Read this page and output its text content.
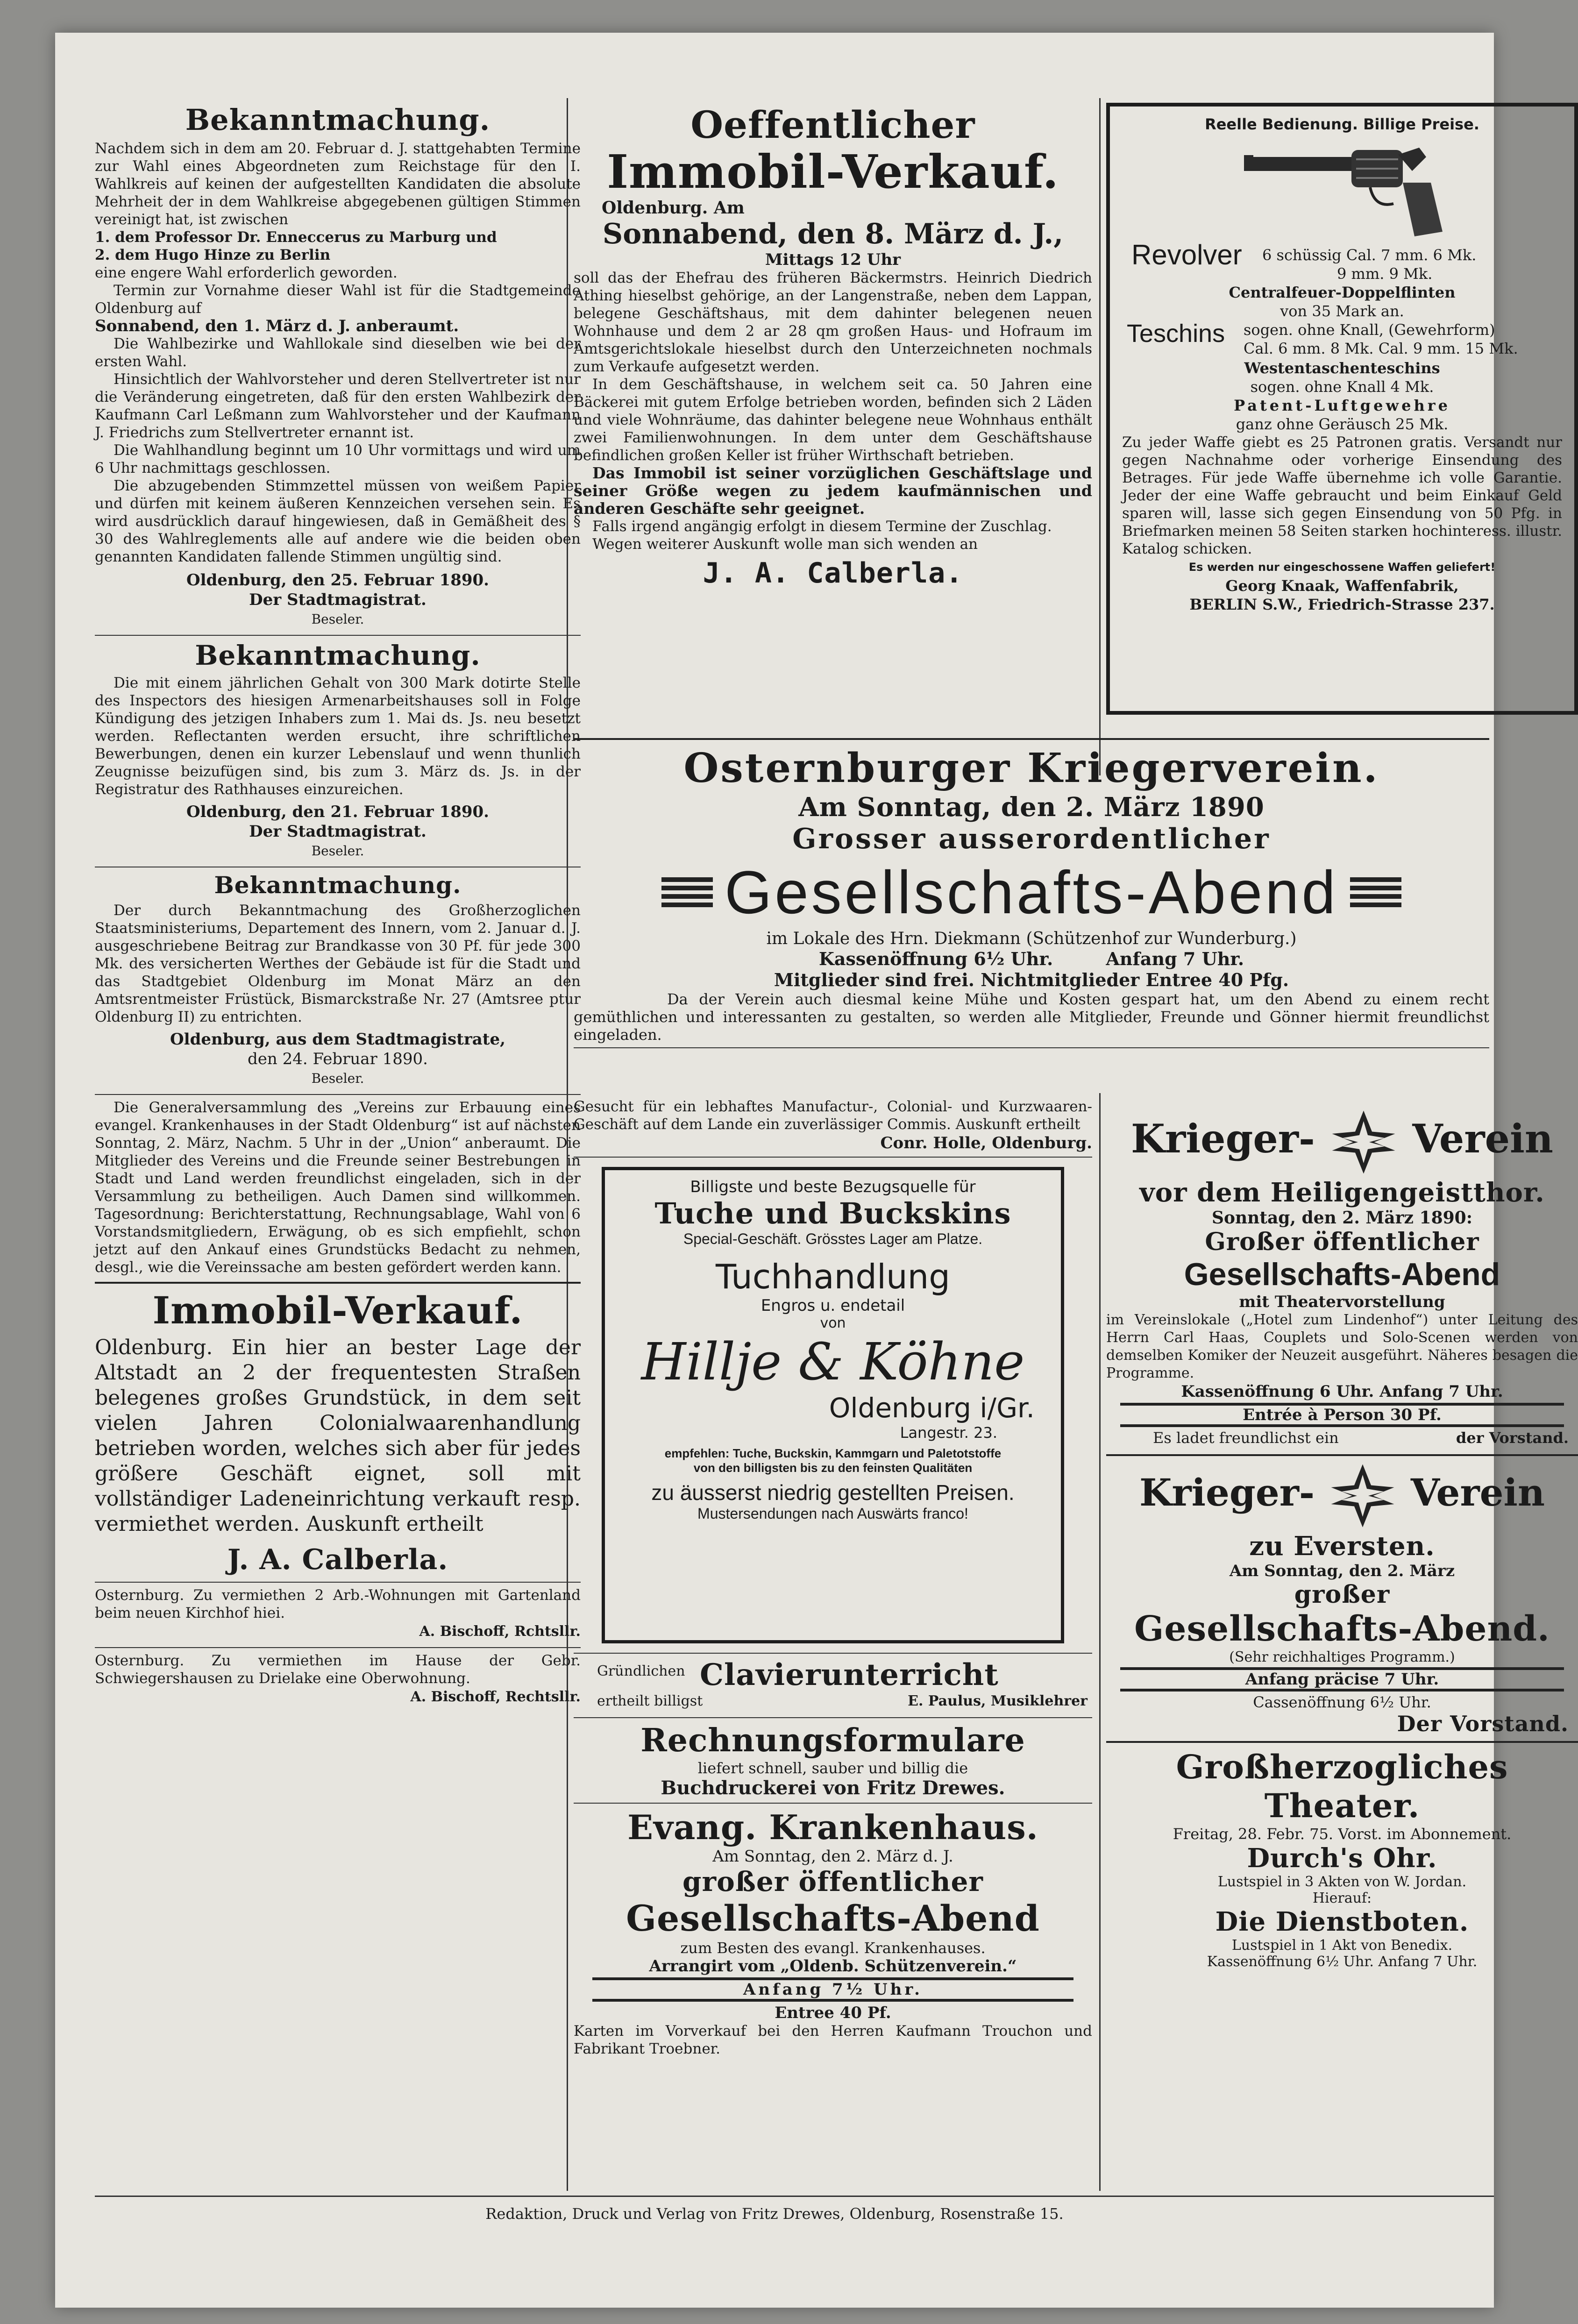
Bekanntmachung.

Nachdem sich in dem am 20. Februar d. J. stattgehabten Termine zur Wahl eines Abgeordneten zum Reichstage für den I. Wahlkreis auf keinen der aufgestellten Kandidaten die absolute Mehrheit der in dem Wahlkreise abgegebenen gültigen Stimmen vereinigt hat, ist zwischen

1. dem Professor Dr. Enneccerus zu Marburg und

2. dem Hugo Hinze zu Berlin

eine engere Wahl erforderlich geworden.

Termin zur Vornahme dieser Wahl ist für die Stadtgemeinde Oldenburg auf

Sonnabend, den 1. März d. J. anberaumt.

Die Wahlbezirke und Wahllokale sind dieselben wie bei der ersten Wahl.

Hinsichtlich der Wahlvorsteher und deren Stellvertreter ist nur die Veränderung eingetreten, daß für den ersten Wahlbezirk der Kaufmann Carl Leßmann zum Wahlvorsteher und der Kaufmann J. Friedrichs zum Stellvertreter ernannt ist.

Die Wahlhandlung beginnt um 10 Uhr vormittags und wird um 6 Uhr nachmittags geschlossen.

Die abzugebenden Stimmzettel müssen von weißem Papier und dürfen mit keinem äußeren Kennzeichen versehen sein. Es wird ausdrücklich darauf hingewiesen, daß in Gemäßheit des § 30 des Wahlreglements alle auf andere wie die beiden oben genannten Kandidaten fallende Stimmen ungültig sind.

Oldenburg, den 25. Februar 1890.
Der Stadtmagistrat.
Beseler.
Bekanntmachung.

Die mit einem jährlichen Gehalt von 300 Mark dotirte Stelle des Inspectors des hiesigen Armenarbeitshauses soll in Folge Kündigung des jetzigen Inhabers zum 1. Mai ds. Js. neu besetzt werden. Reflectanten werden ersucht, ihre schriftlichen Bewerbungen, denen ein kurzer Lebenslauf und wenn thunlich Zeugnisse beizufügen sind, bis zum 3. März ds. Js. in der Registratur des Rathhauses einzureichen.

Oldenburg, den 21. Februar 1890.
Der Stadtmagistrat.
Beseler.
Bekanntmachung.

Der durch Bekanntmachung des Großherzoglichen Staatsministeriums, Departement des Innern, vom 2. Januar d. J. ausgeschriebene Beitrag zur Brandkasse von 30 Pf. für jede 300 Mk. des versicherten Werthes der Gebäude ist für die Stadt und das Stadtgebiet Oldenburg im Monat März an den Amtsrentmeister Früstück, Bismarckstraße Nr. 27 (Amtsree ptur Oldenburg II) zu entrichten.

Oldenburg, aus dem Stadtmagistrate,
den 24. Februar 1890.
Beseler.

Die Generalversammlung des „Vereins zur Erbauung eines evangel. Krankenhauses in der Stadt Oldenburg“ ist auf nächsten Sonntag, 2. März, Nachm. 5 Uhr in der „Union“ anberaumt. Die Mitglieder des Vereins und die Freunde seiner Bestrebungen in Stadt und Land werden freundlichst eingeladen, sich in der Versammlung zu betheiligen. Auch Damen sind willkommen. Tagesordnung: Berichterstattung, Rechnungsablage, Wahl von 6 Vorstandsmitgliedern, Erwägung, ob es sich empfiehlt, schon jetzt auf den Ankauf eines Grundstücks Bedacht zu nehmen, desgl., wie die Vereinssache am besten gefördert werden kann.

Immobil-Verkauf.

Oldenburg. Ein hier an bester Lage der Altstadt an 2 der frequentesten Straßen belegenes großes Grundstück, in dem seit vielen Jahren Colonialwaarenhandlung betrieben worden, welches sich aber für jedes größere Geschäft eignet, soll mit vollständiger Ladeneinrichtung verkauft resp. vermiethet werden. Auskunft ertheilt

J. A. Calberla.

Osternburg. Zu vermiethen 2 Arb.-Wohnungen mit Gartenland beim neuen Kirchhof hiei.

A. Bischoff, Rchtsllr.

Osternburg. Zu vermiethen im Hause der Gebr. Schwiegershausen zu Drielake eine Oberwohnung.

A. Bischoff, Rechtsllr.
Oeffentlicher
Immobil-Verkauf.
Oldenburg. Am
Sonnabend, den 8. März d. J.,
Mittags 12 Uhr

soll das der Ehefrau des früheren Bäckermstrs. Heinrich Diedrich Athing hieselbst gehörige, an der Langenstraße, neben dem Lappan, belegene Geschäftshaus, mit dem dahinter belegenen neuen Wohnhause und dem 2 ar 28 qm großen Haus- und Hofraum im Amtsgerichtslokale hieselbst durch den Unterzeichneten nochmals zum Verkaufe aufgesetzt werden.

In dem Geschäftshause, in welchem seit ca. 50 Jahren eine Bäckerei mit gutem Erfolge betrieben worden, befinden sich 2 Läden und viele Wohnräume, das dahinter belegene neue Wohnhaus enthält zwei Familienwohnungen. In dem unter dem Geschäftshause befindlichen großen Keller ist früher Wirthschaft betrieben.

Das Immobil ist seiner vorzüglichen Geschäftslage und seiner Größe wegen zu jedem kaufmännischen und anderen Geschäfte sehr geeignet.

Falls irgend angängig erfolgt in diesem Termine der Zuschlag.

Wegen weiterer Auskunft wolle man sich wenden an

J. A. Calberla.
Reelle Bedienung. Billige Preise.
Revolver 6 schüssig Cal. 7 mm. 6 Mk.
9 mm. 9 Mk.
Centralfeuer-Doppelflinten
von 35 Mark an.
Teschins sogen. ohne Knall, (Gewehrform)
Cal. 6 mm. 8 Mk. Cal. 9 mm. 15 Mk.
Westentaschenteschins
sogen. ohne Knall 4 Mk.
Patent-Luftgewehre
ganz ohne Geräusch 25 Mk.

Zu jeder Waffe giebt es 25 Patronen gratis. Versandt nur gegen Nachnahme oder vorherige Einsendung des Betrages. Für jede Waffe übernehme ich volle Garantie. Jeder der eine Waffe gebraucht und beim Einkauf Geld sparen will, lasse sich gegen Einsendung von 50 Pfg. in Briefmarken meinen 58 Seiten starken hochinteress. illustr. Katalog schicken.

Es werden nur eingeschossene Waffen geliefert!
Georg Knaak, Waffenfabrik,
BERLIN S.W., Friedrich-Strasse 237.
Osternburger Kriegerverein.
Am Sonntag, den 2. März 1890
Grosser ausserordentlicher
Gesellschafts-Abend
im Lokale des Hrn. Diekmann (Schützenhof zur Wunderburg.)
Kassenöffnung 6½ Uhr.	Anfang 7 Uhr.
Mitglieder sind frei. Nichtmitglieder Entree 40 Pfg.

Da der Verein auch diesmal keine Mühe und Kosten gespart hat, um den Abend zu einem recht gemüthlichen und interessanten zu gestalten, so werden alle Mitglieder, Freunde und Gönner hiermit freundlichst eingeladen.

Gesucht für ein lebhaftes Manufactur-, Colonial- und Kurzwaaren-Geschäft auf dem Lande ein zuverlässiger Commis. Auskunft ertheilt

Conr. Holle, Oldenburg.
Billigste und beste Bezugsquelle für
Tuche und Buckskins
Special-Geschäft. Grösstes Lager am Platze.
Tuchhandlung
Engros u. endetail
von
Hillje & Köhne
Oldenburg i/Gr.
Langestr. 23.
empfehlen: Tuche, Buckskin, Kammgarn und Paletotstoffe
von den billigsten bis zu den feinsten Qualitäten
zu äusserst niedrig gestellten Preisen.
Mustersendungen nach Auswärts franco!
Gründlichen Clavierunterricht
ertheilt billigst	E. Paulus, Musiklehrer
Rechnungsformulare
liefert schnell, sauber und billig die
Buchdruckerei von Fritz Drewes.
Evang. Krankenhaus.
Am Sonntag, den 2. März d. J.
großer öffentlicher
Gesellschafts-Abend
zum Besten des evangl. Krankenhauses.
Arrangirt vom „Oldenb. Schützenverein.“
Anfang 7½ Uhr.
Entree 40 Pf.

Karten im Vorverkauf bei den Herren Kaufmann Trouchon und Fabrikant Troebner.

Krieger- Verein
vor dem Heiligengeistthor.
Sonntag, den 2. März 1890:
Großer öffentlicher
Gesellschafts-Abend
mit Theatervorstellung

im Vereinslokale („Hotel zum Lindenhof“) unter Leitung des Herrn Carl Haas, Couplets und Solo-Scenen werden von demselben Komiker der Neuzeit ausgeführt. Näheres besagen die Programme.

Kassenöffnung 6 Uhr. Anfang 7 Uhr.
Entrée à Person 30 Pf.
Es ladet freundlichst ein	der Vorstand.
Krieger-	Verein
zu Eversten.
Am Sonntag, den 2. März
großer
Gesellschafts-Abend.
(Sehr reichhaltiges Programm.)
Anfang präcise 7 Uhr.
Cassenöffnung 6½ Uhr.
Der Vorstand.
Großherzogliches Theater.
Freitag, 28. Febr. 75. Vorst. im Abonnement.
Durch's Ohr.
Lustspiel in 3 Akten von W. Jordan.
Hierauf:
Die Dienstboten.
Lustspiel in 1 Akt von Benedix.
Kassenöffnung 6½ Uhr. Anfang 7 Uhr.
Redaktion, Druck und Verlag von Fritz Drewes, Oldenburg, Rosenstraße 15.
